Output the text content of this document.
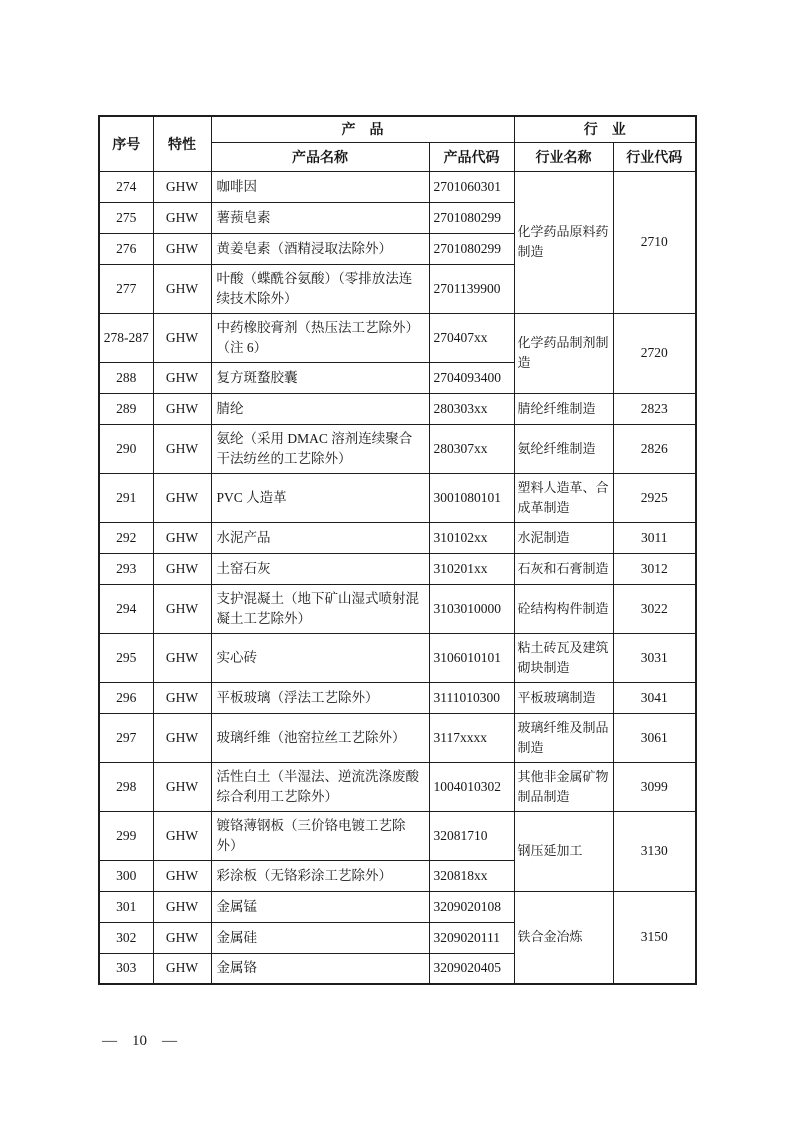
序号	特性	产　品		行　业	
		产品名称	产品代码	行业名称	行业代码
274	GHW	咖啡因	2701060301	化学药品原料药制造	2710
275	GHW	薯蓣皂素	2701080299		
276	GHW	黄姜皂素（酒精浸取法除外）	2701080299		
277	GHW	叶酸（蝶酰谷氨酸）（零排放法连续技术除外）	2701139900		
278-287	GHW	中药橡胶膏剂（热压法工艺除外）（注 6）	270407xx	化学药品制剂制造	2720
288	GHW	复方斑蝥胶囊	2704093400		
289	GHW	腈纶	280303xx	腈纶纤维制造	2823
290	GHW	氨纶（采用 DMAC 溶剂连续聚合干法纺丝的工艺除外）	280307xx	氨纶纤维制造	2826
291	GHW	PVC 人造革	3001080101	塑料人造革、合成革制造	2925
292	GHW	水泥产品	310102xx	水泥制造	3011
293	GHW	土窑石灰	310201xx	石灰和石膏制造	3012
294	GHW	支护混凝土（地下矿山湿式喷射混凝土工艺除外）	3103010000	砼结构构件制造	3022
295	GHW	实心砖	3106010101	粘土砖瓦及建筑砌块制造	3031
296	GHW	平板玻璃（浮法工艺除外）	3111010300	平板玻璃制造	3041
297	GHW	玻璃纤维（池窑拉丝工艺除外）	3117xxxx	玻璃纤维及制品制造	3061
298	GHW	活性白土（半湿法、逆流洗涤废酸综合利用工艺除外）	1004010302	其他非金属矿物制品制造	3099
299	GHW	镀铬薄钢板（三价铬电镀工艺除外）	32081710	钢压延加工	3130
300	GHW	彩涂板（无铬彩涂工艺除外）	320818xx		
301	GHW	金属锰	3209020108	铁合金冶炼	3150
302	GHW	金属硅	3209020111		
303	GHW	金属铬	3209020405		
— 10 —
